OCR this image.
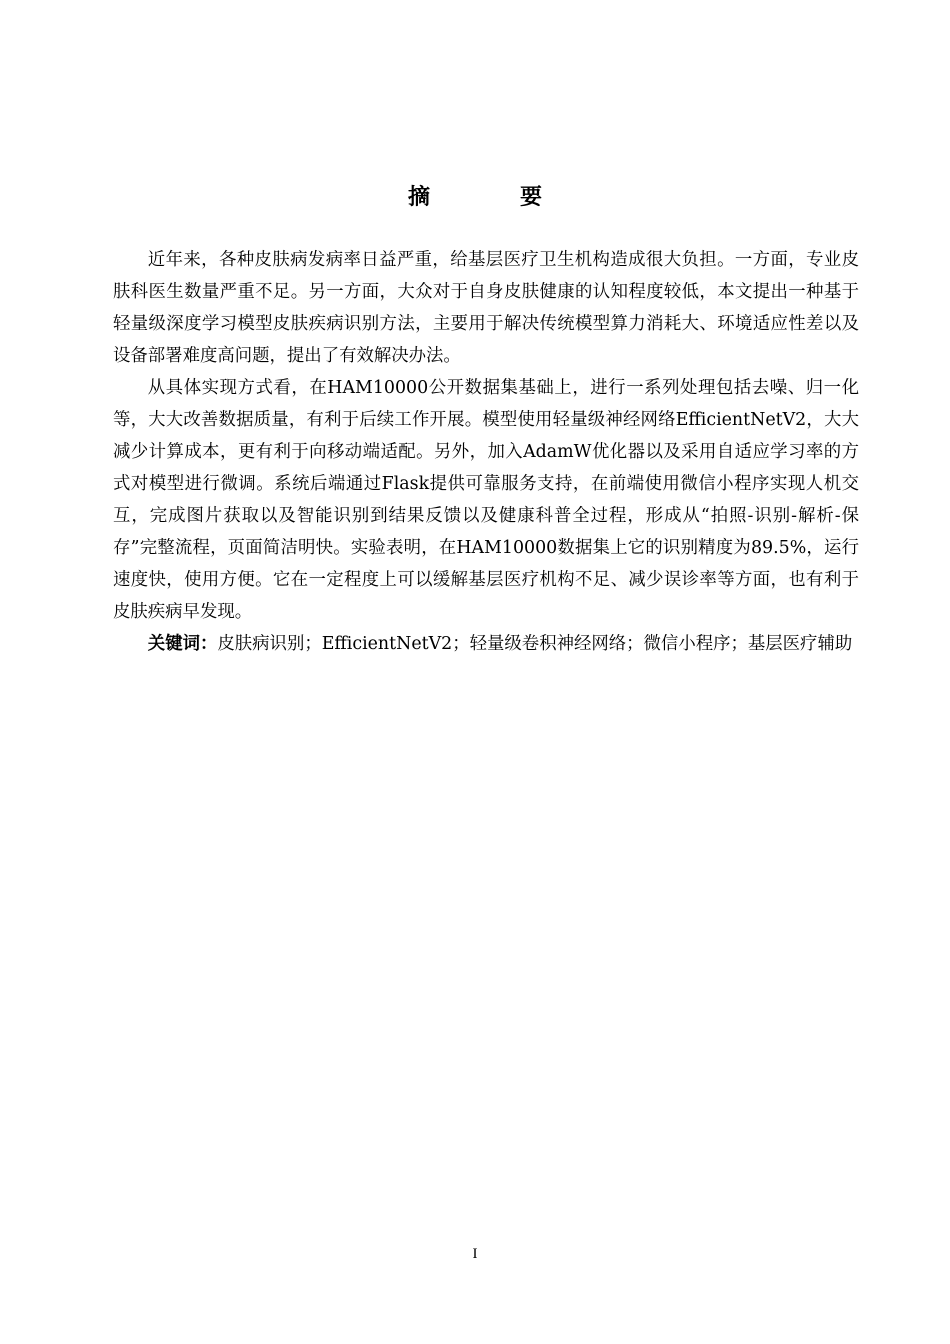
摘　要

近年来，各种皮肤病发病率日益严重，给基层医疗卫生机构造成很大负担。一方面，专业皮肤科医生数量严重不足。另一方面，大众对于自身皮肤健康的认知程度较低，本文提出一种基于轻量级深度学习模型皮肤疾病识别方法，主要用于解决传统模型算力消耗大、环境适应性差以及设备部署难度高问题，提出了有效解决办法。

从具体实现方式看，在HAM10000公开数据集基础上，进行一系列处理包括去噪、归一化等，大大改善数据质量，有利于后续工作开展。模型使用轻量级神经网络EfficientNetV2，大大减少计算成本，更有利于向移动端适配。另外，加入AdamW优化器以及采用自适应学习率的方式对模型进行微调。系统后端通过Flask提供可靠服务支持，在前端使用微信小程序实现人机交互，完成图片获取以及智能识别到结果反馈以及健康科普全过程，形成从“拍照-识别-解析-保存”完整流程，页面简洁明快。实验表明，在HAM10000数据集上它的识别精度为89.5%，运行速度快，使用方便。它在一定程度上可以缓解基层医疗机构不足、减少误诊率等方面，也有利于皮肤疾病早发现。

关键词：皮肤病识别；EfficientNetV2；轻量级卷积神经网络；微信小程序；基层医疗辅助

I
